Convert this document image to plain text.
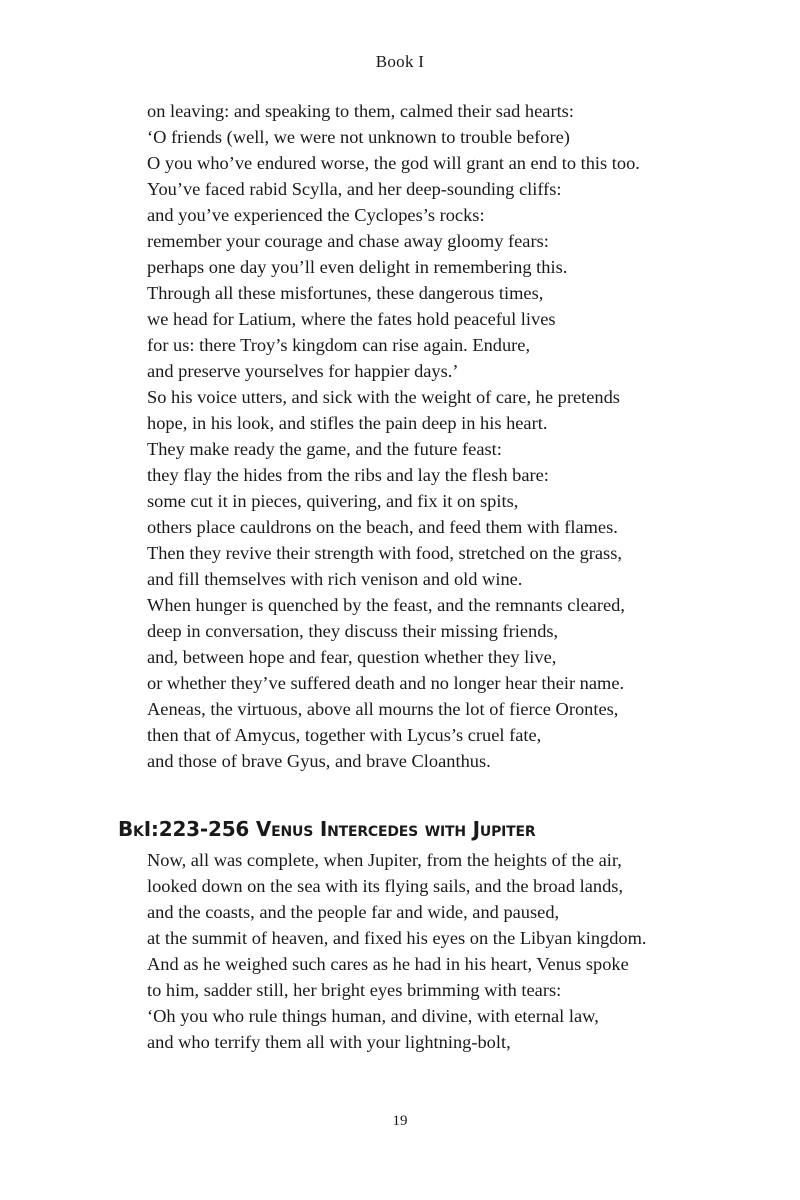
Book I
on leaving: and speaking to them, calmed their sad hearts:
‘O friends (well, we were not unknown to trouble before)
O you who’ve endured worse, the god will grant an end to this too.
You’ve faced rabid Scylla, and her deep-sounding cliffs:
and you’ve experienced the Cyclopes’s rocks:
remember your courage and chase away gloomy fears:
perhaps one day you’ll even delight in remembering this.
Through all these misfortunes, these dangerous times,
we head for Latium, where the fates hold peaceful lives
for us: there Troy’s kingdom can rise again. Endure,
and preserve yourselves for happier days.’
So his voice utters, and sick with the weight of care, he pretends
hope, in his look, and stifles the pain deep in his heart.
They make ready the game, and the future feast:
they flay the hides from the ribs and lay the flesh bare:
some cut it in pieces, quivering, and fix it on spits,
others place cauldrons on the beach, and feed them with flames.
Then they revive their strength with food, stretched on the grass,
and fill themselves with rich venison and old wine.
When hunger is quenched by the feast, and the remnants cleared,
deep in conversation, they discuss their missing friends,
and, between hope and fear, question whether they live,
or whether they’ve suffered death and no longer hear their name.
Aeneas, the virtuous, above all mourns the lot of fierce Orontes,
then that of Amycus, together with Lycus’s cruel fate,
and those of brave Gyus, and brave Cloanthus.
BkI:223-256 Venus Intercedes with Jupiter
Now, all was complete, when Jupiter, from the heights of the air,
looked down on the sea with its flying sails, and the broad lands,
and the coasts, and the people far and wide, and paused,
at the summit of heaven, and fixed his eyes on the Libyan kingdom.
And as he weighed such cares as he had in his heart, Venus spoke
to him, sadder still, her bright eyes brimming with tears:
‘Oh you who rule things human, and divine, with eternal law,
and who terrify them all with your lightning-bolt,
19
